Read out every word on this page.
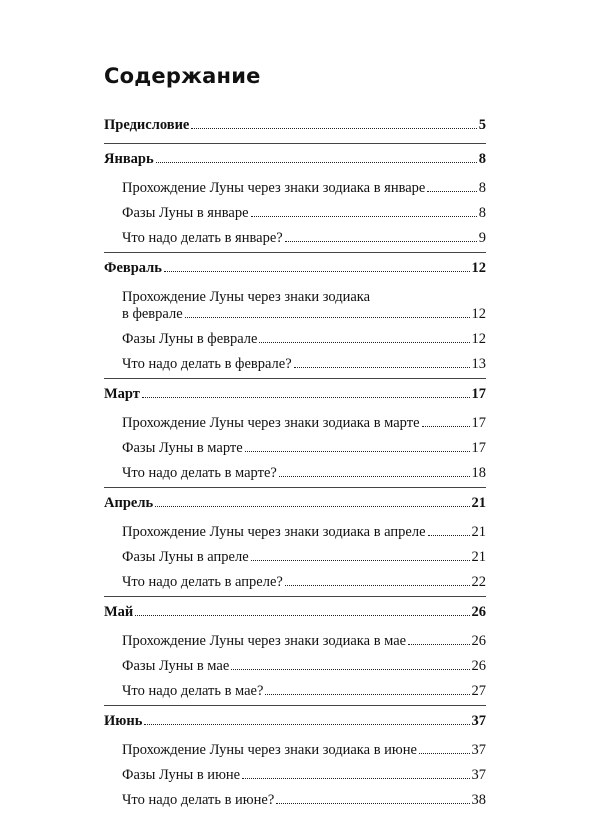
Содержание
Предисловие	5
Январь	8
Прохождение Луны через знаки зодиака в январе	8
Фазы Луны в январе	8
Что надо делать в январе?	9
Февраль	12
Прохождение Луны через знаки зодиака
в феврале	12
Фазы Луны в феврале	12
Что надо делать в феврале?	13
Март	17
Прохождение Луны через знаки зодиака в марте	17
Фазы Луны в марте	17
Что надо делать в марте?	18
Апрель	21
Прохождение Луны через знаки зодиака в апреле	21
Фазы Луны в апреле	21
Что надо делать в апреле?	22
Май	26
Прохождение Луны через знаки зодиака в мае	26
Фазы Луны в мае	26
Что надо делать в мае?	27
Июнь	37
Прохождение Луны через знаки зодиака в июне	37
Фазы Луны в июне	37
Что надо делать в июне?	38
